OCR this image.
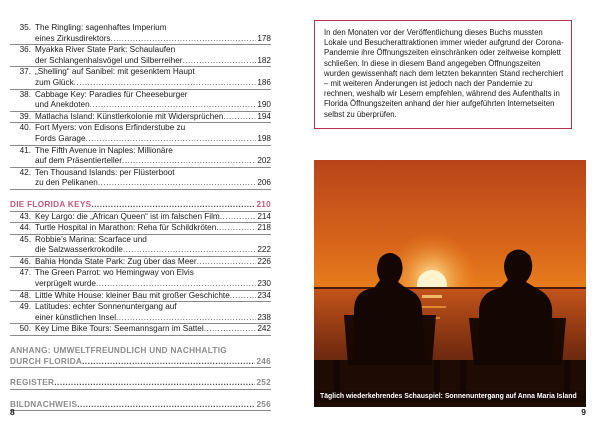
35. The Ringling: sagenhaftes Imperium
eines Zirkusdirektors .....	178
36. Myakka River State Park: Schaulaufen
der Schlangenhalsvögel und Silberreiher .....	182
37. „Shelling“ auf Sanibel: mit gesenktem Haupt
zum Glück .....	186
38. Cabbage Key: Paradies für Cheeseburger
und Anekdoten .....	190
39. Matlacha Island: Künstlerkolonie mit Widersprüchen .....	194
40. Fort Myers: von Edisons Erfinderstube zu
Fords Garage .....	198
41. The Fifth Avenue in Naples: Millionäre
auf dem Präsentierteller .....	202
42. Ten Thousand Islands: per Flüsterboot
zu den Pelikanen .....	206
DIE FLORIDA KEYS .....	210
43. Key Largo: die „African Queen“ ist im falschen Film .....	214
44. Turtle Hospital in Marathon: Reha für Schildkröten .....	218
45. Robbie’s Marina: Scarface und
die Salzwasserkrokodile .....	222
46. Bahia Honda State Park: Zug über das Meer .....	226
47. The Green Parrot: wo Hemingway von Elvis
verprügelt wurde .....	230
48. Little White House: kleiner Bau mit großer Geschichte .....	234
49. Latitudes: echter Sonnenuntergang auf
einer künstlichen Insel .....	238
50. Key Lime Bike Tours: Seemannsgarn im Sattel .....	242
ANHANG: UMWELTFREUNDLICH UND NACHHALTIG
DURCH FLORIDA .....	246
REGISTER .....	252
BILDNACHWEIS .....	256
8
In den Monaten vor der Veröffentlichung dieses Buchs mussten Lokale und Besucherattraktionen immer wieder aufgrund der Corona-Pandemie ihre Öffnungszeiten einschränken oder zeitweise komplett schließen. In diese in diesem Band angegeben Öffnungszeiten wurden gewissenhaft nach dem letzten bekannten Stand recherchiert – mit weiteren Änderungen ist jedoch nach der Pandemie zu rechnen, weshalb wir Lesern empfehlen, während des Aufenthalts in Florida Öffnungszeiten anhand der hier aufgeführten Internetseiten selbst zu überprüfen.
Täglich wiederkehrendes Schauspiel: Sonnenuntergang auf Anna Maria Island
9
